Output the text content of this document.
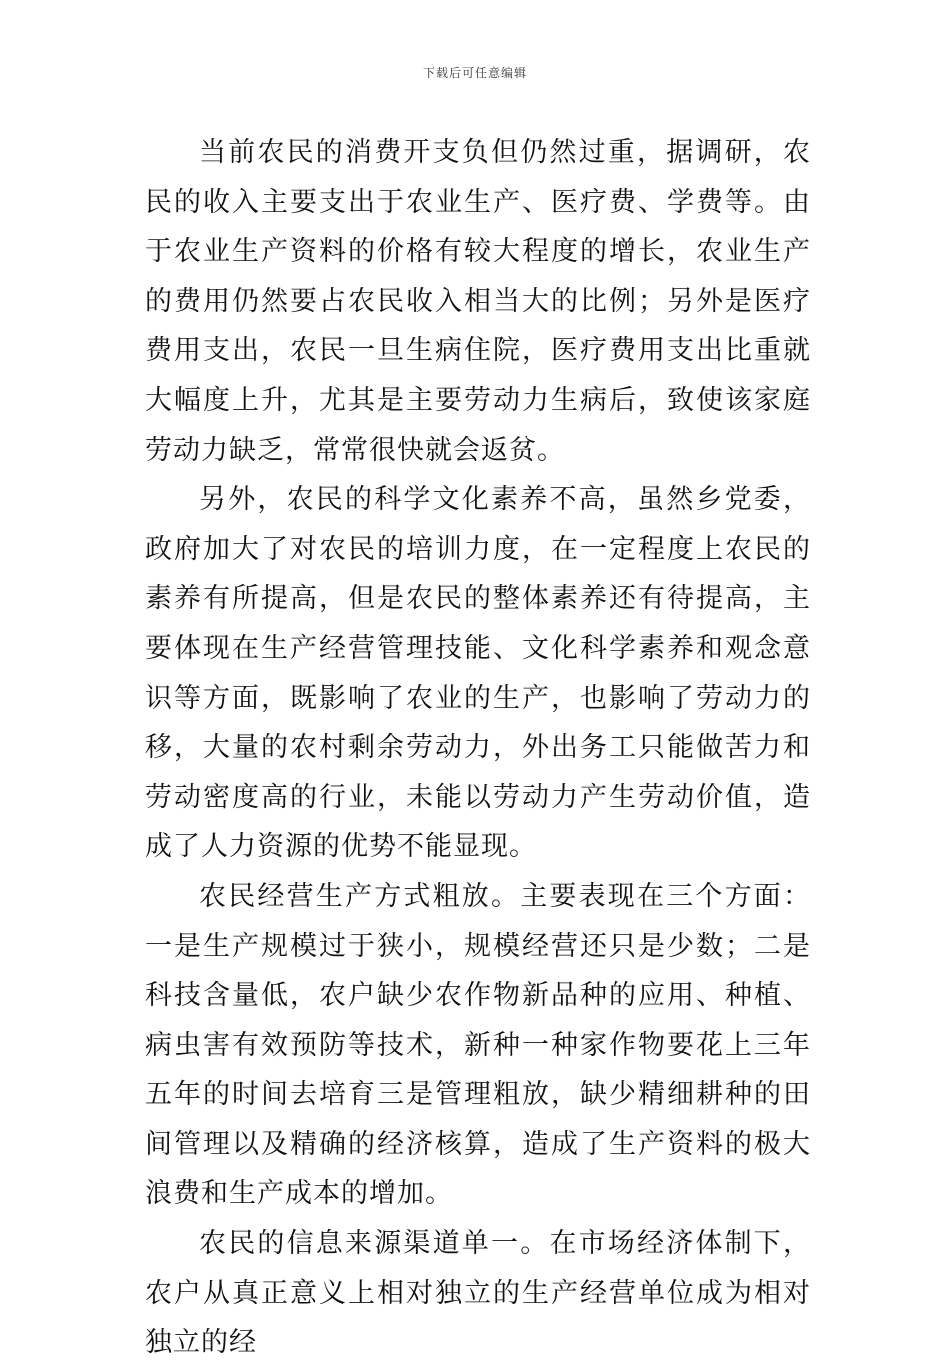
下载后可任意编辑

当前农民的消费开支负但仍然过重，据调研，农民的收入主要支出于农业生产、医疗费、学费等。由于农业生产资料的价格有较大程度的增长，农业生产的费用仍然要占农民收入相当大的比例；另外是医疗费用支出，农民一旦生病住院，医疗费用支出比重就大幅度上升，尤其是主要劳动力生病后，致使该家庭劳动力缺乏，常常很快就会返贫。

另外，农民的科学文化素养不高，虽然乡党委，政府加大了对农民的培训力度，在一定程度上农民的素养有所提高，但是农民的整体素养还有待提高，主要体现在生产经营管理技能、文化科学素养和观念意识等方面，既影响了农业的生产，也影响了劳动力的移，大量的农村剩余劳动力，外出务工只能做苦力和劳动密度高的行业，未能以劳动力产生劳动价值，造成了人力资源的优势不能显现。

农民经营生产方式粗放。主要表现在三个方面：一是生产规模过于狭小，规模经营还只是少数；二是科技含量低，农户缺少农作物新品种的应用、种植、病虫害有效预防等技术，新种一种家作物要花上三年五年的时间去培育三是管理粗放，缺少精细耕种的田间管理以及精确的经济核算，造成了生产资料的极大浪费和生产成本的增加。

农民的信息来源渠道单一。在市场经济体制下，农户从真正意义上相对独立的生产经营单位成为相对独立的经
